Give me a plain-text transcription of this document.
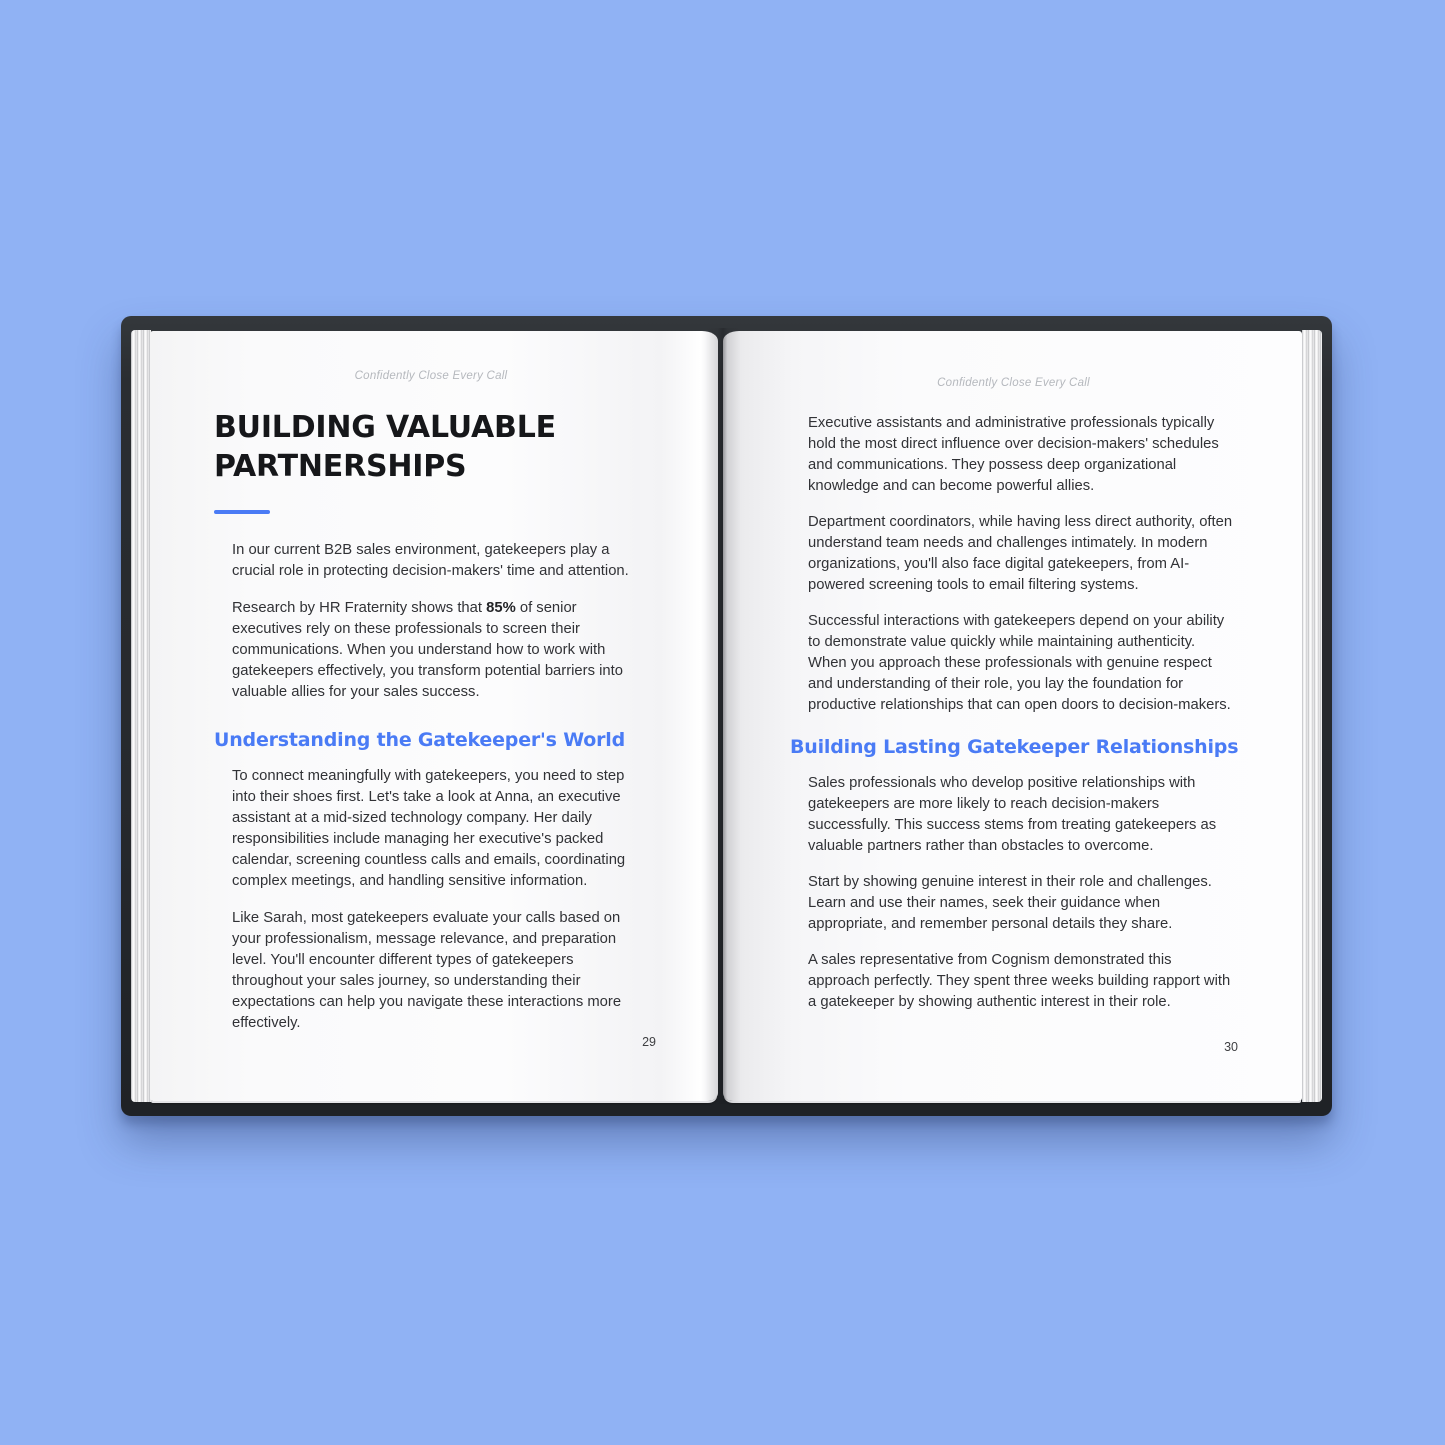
Confidently Close Every Call
BUILDING VALUABLE PARTNERSHIPS

In our current B2B sales environment, gatekeepers play a crucial role in protecting decision-makers' time and attention.

Research by HR Fraternity shows that 85% of senior executives rely on these professionals to screen their communications. When you understand how to work with gatekeepers effectively, you transform potential barriers into valuable allies for your sales success.

Understanding the Gatekeeper's World

To connect meaningfully with gatekeepers, you need to step into their shoes first. Let's take a look at Anna, an executive assistant at a mid-sized technology company. Her daily responsibilities include managing her executive's packed calendar, screening countless calls and emails, coordinating complex meetings, and handling sensitive information.

Like Sarah, most gatekeepers evaluate your calls based on your professionalism, message relevance, and preparation level. You'll encounter different types of gatekeepers throughout your sales journey, so understanding their expectations can help you navigate these interactions more effectively.

29
Confidently Close Every Call

Executive assistants and administrative professionals typically hold the most direct influence over decision-makers' schedules and communications. They possess deep organizational knowledge and can become powerful allies.

Department coordinators, while having less direct authority, often understand team needs and challenges intimately. In modern organizations, you'll also face digital gatekeepers, from AI-powered screening tools to email filtering systems.

Successful interactions with gatekeepers depend on your ability to demonstrate value quickly while maintaining authenticity. When you approach these professionals with genuine respect and understanding of their role, you lay the foundation for productive relationships that can open doors to decision-makers.

Building Lasting Gatekeeper Relationships

Sales professionals who develop positive relationships with gatekeepers are more likely to reach decision-makers successfully. This success stems from treating gatekeepers as valuable partners rather than obstacles to overcome.

Start by showing genuine interest in their role and challenges. Learn and use their names, seek their guidance when appropriate, and remember personal details they share.

A sales representative from Cognism demonstrated this approach perfectly. They spent three weeks building rapport with a gatekeeper by showing authentic interest in their role.

30
